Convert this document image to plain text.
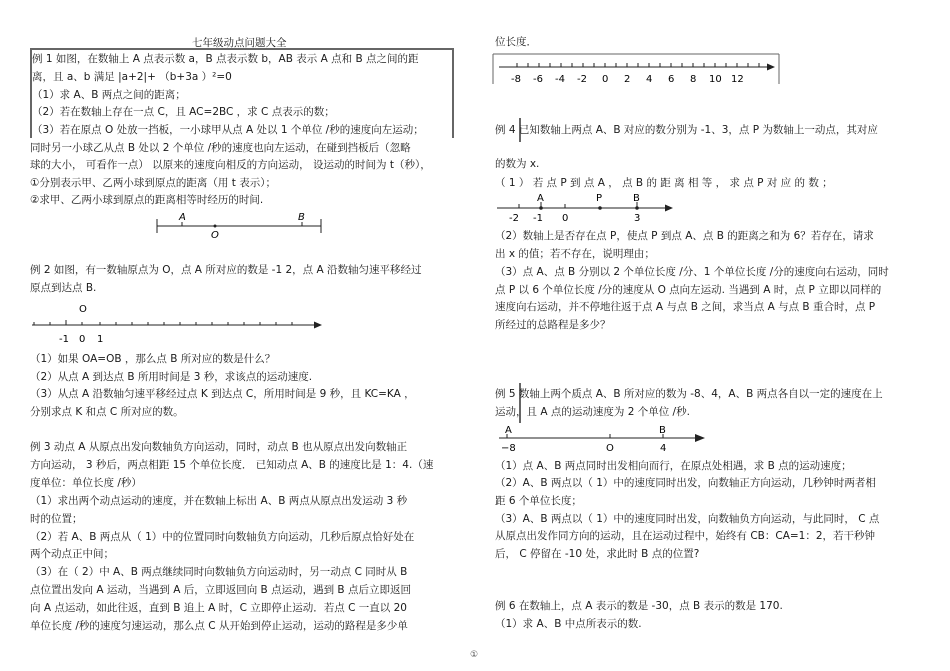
七年级动点问题大全
例 1 如图，在数轴上 A 点表示数 a，B 点表示数 b，AB 表示 A 点和 B 点之间的距
离，且 a、b 满足 |a+2|+ （b+3a ）²=0
（1）求 A、B 两点之间的距离；
（2）若在数轴上存在一点 C，且 AC=2BC ，求 C 点表示的数；
（3）若在原点 O 处放一挡板，一小球甲从点 A 处以 1 个单位 /秒的速度向左运动；
同时另一小球乙从点 B 处以 2 个单位 /秒的速度也向左运动，在碰到挡板后（忽略
球的大小， 可看作一点） 以原来的速度向相反的方向运动， 设运动的时间为 t（秒），
①分别表示甲、乙两小球到原点的距离（用 t 表示）；
②求甲、乙两小球到原点的距离相等时经历的时间.
A
O
B
例 2 如图，有一数轴原点为 O，点 A 所对应的数是 -1 2，点 A 沿数轴匀速平移经过
原点到达点 B.
O
-1 0 1
（1）如果 OA=OB ，那么点 B 所对应的数是什么？
（2）从点 A 到达点 B 所用时间是 3 秒，求该点的运动速度.
（3）从点 A 沿数轴匀速平移经过点 K 到达点 C，所用时间是 9 秒，且 KC=KA ，
分别求点 K 和点 C 所对应的数。
例 3 动点 A 从原点出发向数轴负方向运动，同时，动点 B 也从原点出发向数轴正
方向运动， 3 秒后，两点相距 15 个单位长度． 已知动点 A、B 的速度比是 1：4.（速
度单位：单位长度 /秒）
（1）求出两个动点运动的速度，并在数轴上标出 A、B 两点从原点出发运动 3 秒
时的位置；
（2）若 A、B 两点从（ 1）中的位置同时向数轴负方向运动，几秒后原点恰好处在
两个动点正中间；
（3）在（ 2）中 A、B 两点继续同时向数轴负方向运动时，另一动点 C 同时从 B
点位置出发向 A 运动，当遇到 A 后，立即返回向 B 点运动，遇到 B 点后立即返回
向 A 点运动，如此往返，直到 B 追上 A 时，C 立即停止运动．若点 C 一直以 20
单位长度 /秒的速度匀速运动，那么点 C 从开始到停止运动，运动的路程是多少单
位长度．
-8 -6 -4 -2 0 2 4 6 8 10 12
例 4 已知数轴上两点 A、B 对应的数分别为 -1、3，点 P 为数轴上一动点，其对应
的数为 x.
（ 1 ） 若 点 P 到 点 A ， 点 B 的 距 离 相 等 ， 求 点 P 对 应 的 数 ；
A	P	B
-2 -1 0	3
（2）数轴上是否存在点 P，使点 P 到点 A、点 B 的距离之和为 6？若存在，请求
出 x 的值；若不存在，说明理由；
（3）点 A、点 B 分别以 2 个单位长度 /分、1 个单位长度 /分的速度向右运动，同时
点 P 以 6 个单位长度 /分的速度从 O 点向左运动. 当遇到 A 时，点 P 立即以同样的
速度向右运动，并不停地往返于点 A 与点 B 之间，求当点 A 与点 B 重合时，点 P
所经过的总路程是多少？
例 5 数轴上两个质点 A、B 所对应的数为 -8、4，A、B 两点各自以一定的速度在上
运动，且 A 点的运动速度为 2 个单位 /秒.
A	B
−8	O	4
（1）点 A、B 两点同时出发相向而行，在原点处相遇，求 B 点的运动速度；
（2）A、B 两点以（ 1）中的速度同时出发，向数轴正方向运动，几秒钟时两者相
距 6 个单位长度；
（3）A、B 两点以（ 1）中的速度同时出发，向数轴负方向运动，与此同时， C 点
从原点出发作同方向的运动，且在运动过程中，始终有 CB：CA=1：2，若干秒钟
后， C 停留在 -10 处，求此时 B 点的位置?
例 6 在数轴上，点 A 表示的数是 -30，点 B 表示的数是 170.
（1）求 A、B 中点所表示的数.
①
